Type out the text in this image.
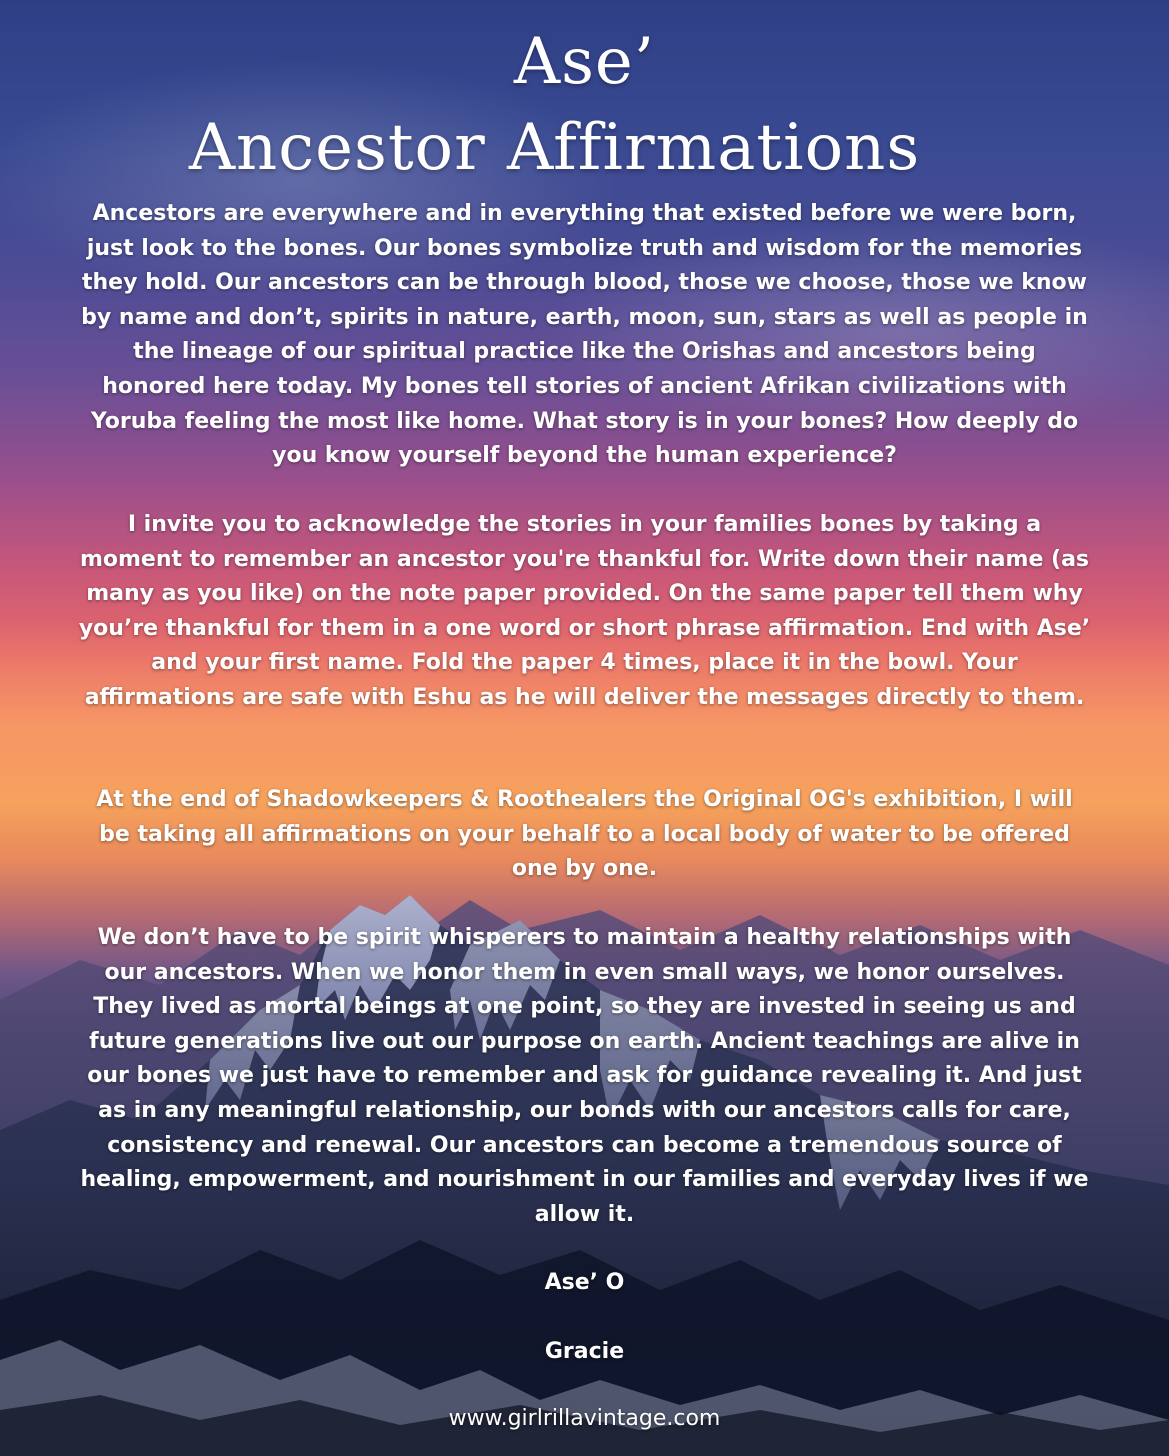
Ase’
Ancestor Affirmations

Ancestors are everywhere and in everything that existed before we were born, just look to the bones. Our bones symbolize truth and wisdom for the memories they hold. Our ancestors can be through blood, those we choose, those we know by name and don’t, spirits in nature, earth, moon, sun, stars as well as people in the lineage of our spiritual practice like the Orishas and ancestors being honored here today. My bones tell stories of ancient Afrikan civilizations with Yoruba feeling the most like home. What story is in your bones? How deeply do you know yourself beyond the human experience?

I invite you to acknowledge the stories in your families bones by taking a moment to remember an ancestor you're thankful for. Write down their name (as many as you like) on the note paper provided. On the same paper tell them why you’re thankful for them in a one word or short phrase affirmation. End with Ase’ and your first name. Fold the paper 4 times, place it in the bowl. Your affirmations are safe with Eshu as he will deliver the messages directly to them.

At the end of Shadowkeepers & Roothealers the Original OG's exhibition, I will be taking all affirmations on your behalf to a local body of water to be offered one by one.

We don’t have to be spirit whisperers to maintain a healthy relationships with our ancestors. When we honor them in even small ways, we honor ourselves. They lived as mortal beings at one point, so they are invested in seeing us and future generations live out our purpose on earth. Ancient teachings are alive in our bones we just have to remember and ask for guidance revealing it. And just as in any meaningful relationship, our bonds with our ancestors calls for care, consistency and renewal. Our ancestors can become a tremendous source of healing, empowerment, and nourishment in our families and everyday lives if we allow it.

Ase’ O
Gracie
www.girlrillavintage.com
